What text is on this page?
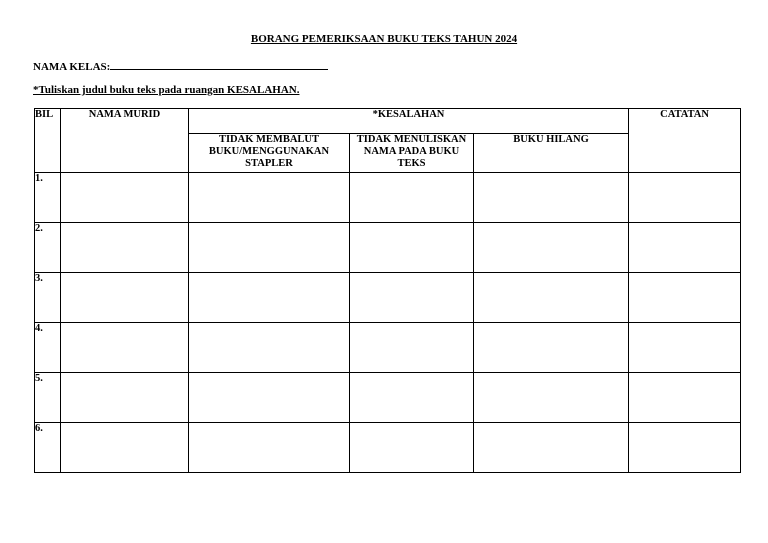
BORANG PEMERIKSAAN BUKU TEKS TAHUN 2024
NAMA KELAS:
*Tuliskan judul buku teks pada ruangan KESALAHAN.
BIL	NAMA MURID	*KESALAHAN			CATATAN
		TIDAK MEMBALUT BUKU/MENGGUNAKAN STAPLER	TIDAK MENULISKAN NAMA PADA BUKU TEKS	BUKU HILANG	
1.					
2.					
3.					
4.					
5.					
6.					
